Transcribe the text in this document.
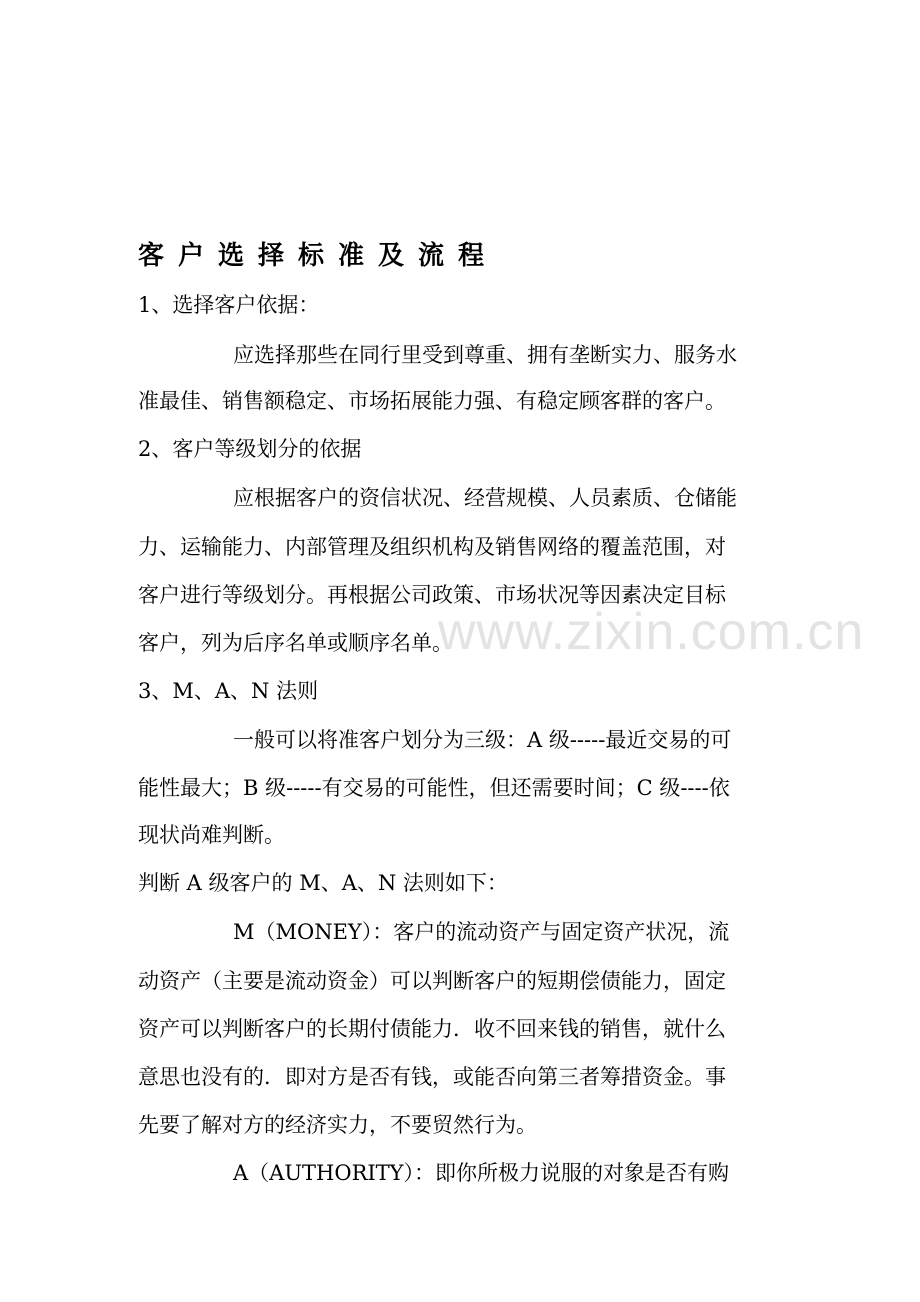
客户选择标准及流程
1、选择客户依据：
应选择那些在同行里受到尊重、拥有垄断实力、服务水
准最佳、销售额稳定、市场拓展能力强、有稳定顾客群的客户。
2、客户等级划分的依据
应根据客户的资信状况、经营规模、人员素质、仓储能
力、运输能力、内部管理及组织机构及销售网络的覆盖范围，对
客户进行等级划分。再根据公司政策、市场状况等因素决定目标
客户，列为后序名单或顺序名单。
3、M、A、N 法则
一般可以将准客户划分为三级：A 级-----最近交易的可
能性最大；B 级-----有交易的可能性，但还需要时间；C 级----依
现状尚难判断。
判断 A 级客户的 M、A、N 法则如下：
M（MONEY）：客户的流动资产与固定资产状况，流
动资产（主要是流动资金）可以判断客户的短期偿债能力，固定
资产可以判断客户的长期付债能力．收不回来钱的销售，就什么
意思也没有的．即对方是否有钱，或能否向第三者筹措资金。事
先要了解对方的经济实力，不要贸然行为。
A（AUTHORITY）：即你所极力说服的对象是否有购
www.zixin.com.cn
